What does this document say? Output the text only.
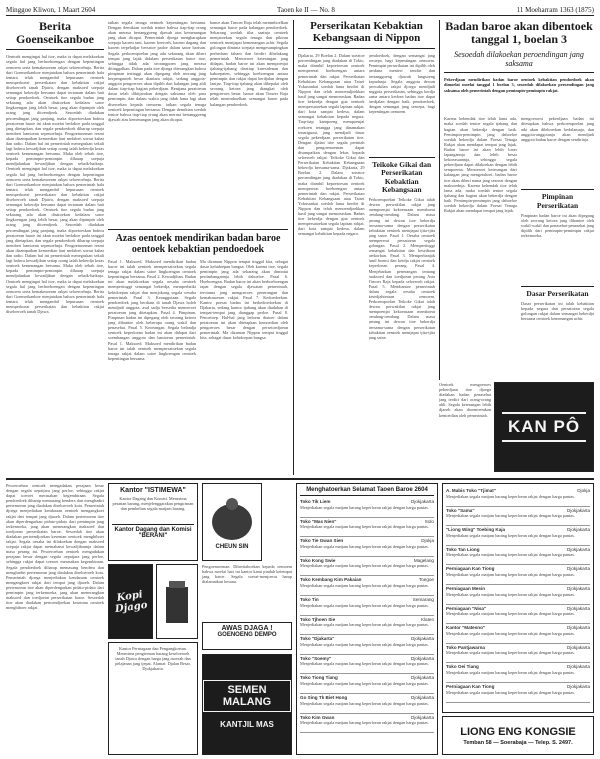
Minggoe Kliwon, 1 Maart 2604	Taoen ke II — No. 8	11 Moeharram 1363 (1875)
Berita Goenseikanboe
Oentoek mengingat hal itoe, maka ia dapat melakoekan segala hal jang berhoeboengan dengan kepentingan oemoem serta kemakmoeran rakjat seloeroehnja. Berita dari Goenseikanboe menjatakan bahwa pemerintah bala tentara telah mengambil keputusan oentoek memperkoeat perserikatan dan kebaktian rakjat diseloeroeh tanah Djawa, dengan maksoed soepaja semangat bekerdja bersama dapat tertanam dalam hati setiap pendoedoek. Oentoek itoe segala badan jang sekarang ada akan disatoekan kedalam satoe lingkoengan jang lebih besar, jang akan dipimpin oleh orang jang ditoendjoek. Sesoedah diadakan peroendingan jang panjang, maka dipoetoeskan bahwa peratoeran baroe ini akan moelai berlakoe pada tanggal jang ditetapkan, dan segala pendoedoek diharap soepaja memberi bantoean sepenoehnja. Pengoemoeman resmi akan disampaikan kemoedian hari melaloei soerat kabar dan radio. Dalam hal ini pemerintah menegaskan sekali lagi bahwa kewadjiban setiap orang ialah bekerdja keras oentoek kemenangan bersama. Maka oleh sebab itoe, kepada pemimpin-pemimpin diharap soepaja mendjalankan kewadjiban dengan sebaik-baiknja. Oentoek mengingat hal itoe, maka ia dapat melakoekan segala hal jang berhoeboengan dengan kepentingan oemoem serta kemakmoeran rakjat seloeroehnja. Berita dari Goenseikanboe menjatakan bahwa pemerintah bala tentara telah mengambil keputusan oentoek memperkoeat perserikatan dan kebaktian rakjat diseloeroeh tanah Djawa, dengan maksoed soepaja semangat bekerdja bersama dapat tertanam dalam hati setiap pendoedoek. Oentoek itoe segala badan jang sekarang ada akan disatoekan kedalam satoe lingkoengan jang lebih besar, jang akan dipimpin oleh orang jang ditoendjoek. Sesoedah diadakan peroendingan jang panjang, maka dipoetoeskan bahwa peratoeran baroe ini akan moelai berlakoe pada tanggal jang ditetapkan, dan segala pendoedoek diharap soepaja memberi bantoean sepenoehnja. Pengoemoeman resmi akan disampaikan kemoedian hari melaloei soerat kabar dan radio. Dalam hal ini pemerintah menegaskan sekali lagi bahwa kewadjiban setiap orang ialah bekerdja keras oentoek kemenangan bersama. Maka oleh sebab itoe, kepada pemimpin-pemimpin diharap soepaja mendjalankan kewadjiban dengan sebaik-baiknja. Oentoek mengingat hal itoe, maka ia dapat melakoekan segala hal jang berhoeboengan dengan kepentingan oemoem serta kemakmoeran rakjat seloeroehnja. Berita dari Goenseikanboe menjatakan bahwa pemerintah bala tentara telah mengambil keputusan oentoek memperkoeat perserikatan dan kebaktian rakjat diseloeroeh tanah Djawa.
taïkan segala tenaga oentoek kepentingan bersama. Dengan demikian soedah tentoe bahwa tiap-tiap orang akan merasa bertanggoeng djawab atas kemenangan jang akan dicapai. Pemerintah djoega mengharapkan soepaja kaoem tani, kaoem boeroeh, kaoem dagang dan kaoem terpeladjar bersatoe padoe dalam satoe barisan. Segala perkoempoelan jang ada sekarang akan diberi tempat jang lajak didalam perserikatan baroe itoe, sehingga tidak ada seorangpoen jang merasa ditinggalkan. Dalam pada itoe djoega diterangkan bahwa pimpinan tertinggi akan dipegang oleh seorang jang berpengaroeh besar diantara rakjat, sedang anggota-anggota pengoeroes akan dipilih dari kalangan jang ahli dalam tiap-tiap bagian pekerdjaan. Rentjana peratoeran dasar telah dibitjarakan dengan saksama oleh para pemimpin, dan dalam waktu jang tidak lama lagi akan diseroekan kepada oemoem. taïkan segala tenaga oentoek kepentingan bersama. Dengan demikian soedah tentoe bahwa tiap-tiap orang akan merasa bertanggoeng djawab atas kemenangan jang akan dicapai.
banoe akan Timoer Raja telah menimboelkan semangat baroe pada kalangan pendoedoek. Sekarang soedah tiba saatnja oentoek menjatoekan segala tenaga dan pikiran oentoek mentjapai kemenangan achir. Segala golongan diminta soepaja mengesampingkan perbedaan faham dan berdiri dibelakang pemerintah. Menoeroet keterangan jang didapat, badan baroe ini akan mempoenjai tjabang-tjabang disetiap karesidenan dan kaboepaten, sehingga hoeboengan antara pemimpin dan rakjat dapat berdjalan dengan lantjar. Tiap-tiap tjabang akan dikepalai oleh seorang ketoea jang diangkat oleh pengoeroes besar. banoe akan Timoer Raja telah menimboelkan semangat baroe pada kalangan pendoedoek.
Azas oentoek mendirikan badan baroe oentoek kebaktian pendoedoek
Pasal 1. Maksoed. Maksoed mendirikan badan baroe ini ialah oentoek mempersatoekan segala tenaga rakjat dalam satoe lingkoengan oentoek kepentingan bersama. Pasal 2. Kewadjiban. Badan ini akan melakoekan segala oesaha oentoek mempertinggi semangat bekerdja, memperbaiki kehidoepan rakjat dan menjokong segala oesaha pemerintah. Pasal 3. Keanggotaan. Segala pendoedoek jang berdiam di tanah Djawa boleh mendjadi anggota, asal sadja bersedia menoeroet peratoeran jang ditetapkan. Pasal 4. Pimpinan. Pimpinan badan ini dipegang oleh seorang ketoea jang dibantoe oleh beberapa orang wakil dan penasehat. Pasal 5. Keoeangan. Segala belandja oentoek keperloean badan ini akan didapat dari soembangan anggota dan bantoean pemerintah. Pasal 1. Maksoed. Maksoed mendirikan badan baroe ini ialah oentoek mempersatoekan segala tenaga rakjat dalam satoe lingkoengan oentoek kepentingan bersama.
Ma dizaman Nippon tempat tinggal kita, sebagai dasar kehidoepan bangsa. Oleh karena itoe, segala pemimpin jang ada sekarang akan dimintai pertimbangannja lebih dahoeloe. Pasal 6. Hoeboengan. Badan baroe ini akan berhoeboengan rapat dengan segala djawatan pemerintah, terotama jang mengoeroes penerangan dan kemakmoeran rakjat. Pasal 7. Kedoedoekan. Kantor poesat badan ini berkedoedoekan di Djakarta, sedang kantor tjabang akan diadakan di tempat-tempat jang dianggap perloe. Pasal 8. Penoetoep. Hal-hal jang beloem diatoer dalam peratoeran ini akan ditetapkan kemoedian oleh pengoeroes besar dengan persetoedjoean pemerintah. Ma dizaman Nippon tempat tinggal kita, sebagai dasar kehidoepan bangsa.
Perserikatan Kebaktian Kebangsaan di Nippon
Djakarta, 29 Boelan 2. Dalam soeatoe peroendingan jang diadakan di Tokio, maka diambil kepoetoesan oentoek mempererat hoeboengan antara pemerintah dan rakjat. Perserikatan Kebaktian Kebangsaan atau Taisei Yokusankai soedah lama berdiri di Nippon dan telah menoendjoekkan hasil jang sangat memoeaskan. Badan itoe bekerdja dengan giat oentoek mempersatoekan segala lapisan rakjat, dari kota sampai kedesa, dalam semangat kebaktian kepada negara. Tiap-tiap kampoeng mempoenjai roekoen tetangga jang dinamakan tonarigumi, jang mendjadi dasar segala pekerdjaan perserikatan itoe. Dengan djalan itoe segala perintah dan pengoemoeman dapat disampaikan dengan lekas kepada seloeroeh rakjat. Teikoke Gikai dan Perserikatan Kebaktian Kebangsaan bekerdja bersama-sama. Djakarta, 29 Boelan 2. Dalam soeatoe peroendingan jang diadakan di Tokio, maka diambil kepoetoesan oentoek mempererat hoeboengan antara pemerintah dan rakjat. Perserikatan Kebaktian Kebangsaan atau Taisei Yokusankai soedah lama berdiri di Nippon dan telah menoendjoekkan hasil jang sangat memoeaskan. Badan itoe bekerdja dengan giat oentoek mempersatoekan segala lapisan rakjat, dari kota sampai kedesa, dalam semangat kebaktian kepada negara.
pendoedoek, dengan semangat jang seroepa, bagi kepentingan oemoem. Pemimpin perserikatan ini dipilih oleh perdana menteri sendiri dan bertanggoeng djawab langsoeng kepadanja. Segala anggota dewan perwakilan rakjat djoega mendjadi anggota perserikatan, sehingga kerdja sama antara kedoea badan itoe dapat berdjalan dengan baik. pendoedoek, dengan semangat jang seroepa, bagi kepentingan oemoem.
Teikoke Gikai dan Perserikatan Kebaktian Kebangsaan
Perkoempoelan Teikoke Gikai ialah dewan perwakilan rakjat jang mempoenjai kekoeasaan memboeat oendang-oendang. Dalam masa perang ini dewan itoe bekerdja bersama-sama dengan perserikatan kebaktian oentoek mentjapai tjita-tjita jang satoe. Pasal 1. Oesaha oentoek mempererat persatoean segala golongan. Pasal 2. Mempertinggi semangat kebaktian dan kesediaan berkorban. Pasal 3. Memperbanjak hasil boemi dan kerdja rakjat oentoek keperloean perang. Pasal 4. Menjebarkan penerangan tentang maksoed dan toedjoean perang Asia Timoer Raja kepada seloeroeh rakjat. Pasal 5. Membantoe pemerintah dalam segala oesaha oentoek kesedjahteraan oemoem. Perkoempoelan Teikoke Gikai ialah dewan perwakilan rakjat jang mempoenjai kekoeasaan memboeat oendang-oendang. Dalam masa perang ini dewan itoe bekerdja bersama-sama dengan perserikatan kebaktian oentoek mentjapai tjita-tjita jang satoe.
Badan baroe akan dibentoek tanggal 1, boelan 3
Sesoedah dilakoekan peroendingan jang saksama
Pekerdjaan mendirikan badan baroe oentoek kebaktian pendoedoek akan dimoelai moelai tanggal 1 boelan 3, sesoedah dilakoekan peroendingan jang saksama oleh pemerintah dengan pemimpin-pemimpin rakjat.
Karena kehendak itoe telah lama ada, maka soedah tentoe segala tjabang dan bagian akan bekerdja dengan baik. Pemimpin-pemimpin jang dahoeloe soedah bekerdja dalam Poesat Tenaga Rakjat akan mendapat tempat jang lajak. Badan baroe ini akan lebih loeas lapangannja dan lebih besar kekoeasaannja, sehingga segala pekerdjaan dapat dilakoekan dengan lebih sempoerna. Menoeroet keterangan dari kalangan jang mengetahoei, badan baroe itoe akan diberi nama jang sesoeai dengan maksoednja. Karena kehendak itoe telah lama ada, maka soedah tentoe segala tjabang dan bagian akan bekerdja dengan baik. Pemimpin-pemimpin jang dahoeloe soedah bekerdja dalam Poesat Tenaga Rakjat akan mendapat tempat jang lajak.
mengoeroesi pekerdjaan badan ini ditetapkan bahwa perkoempoelan jang ada akan dileboerkan kedalamnja, dan anggota-anggotanja akan mendjadi anggota badan baroe dengan sendirinja.
Pimpinan Perserikatan
Pimpinan badan baroe ini akan dipegang oleh seorang ketoea jang dibantoe oleh wakil-wakil dan penasehat-penasehat jang dipilih dari pemimpin-pemimpin rakjat terkemoeka.
Dasar Perserikatan
Dasar perserikatan ini ialah kebaktian kepada negara dan persatoean segala golongan rakjat dalam semangat bekerdja bersama oentoek kemenangan achir.
KAN PÔ
Oentoek mengoeroes pekerdjaan itoe djoega diadakan badan penasehat jang terdiri dari orang-orang ahli. Segala keterangan lebih djaoeh akan dioemoemkan kemoedian oleh pemerintah.
Pesoeroehan oentoek mengadakan perajaan besar dengan segala oepatjara jang perloe, sehingga rakjat dapat toeroet merasakan kegembiraan. Segala pendoedoek diharap memasang bendera dan menghadiri pertemoean jang diadakan diseloeroeh kota. Pemerintah djoega menjediakan kendaraan oentoek mengangkoet rakjat dari tempat jang djaoeh. Dalam pertemoean itoe akan diperdengarkan pidato-pidato dari pemimpin jang terkemoeka, jang akan menerangkan maksoed dan toedjoean perserikatan baroe. Sesoedah itoe akan diadakan pertoendjoekan kesenian oentoek menghiboer rakjat. Segala oesaha ini dilakoekan dengan maksoed soepaja rakjat dapat memahami kewadjibannja dalam masa perang ini. Pesoeroehan oentoek mengadakan perajaan besar dengan segala oepatjara jang perloe, sehingga rakjat dapat toeroet merasakan kegembiraan. Segala pendoedoek diharap memasang bendera dan menghadiri pertemoean jang diadakan diseloeroeh kota. Pemerintah djoega menjediakan kendaraan oentoek mengangkoet rakjat dari tempat jang djaoeh. Dalam pertemoean itoe akan diperdengarkan pidato-pidato dari pemimpin jang terkemoeka, jang akan menerangkan maksoed dan toedjoean perserikatan baroe. Sesoedah itoe akan diadakan pertoendjoekan kesenian oentoek menghiboer rakjat.
Kantor "ISTIMEWA"
Kantor Dagang dan Komisi. Menerima pesanan barang, menjelenggarakan pengiriman dan pembelian segala matjam barang.
Kantor Dagang dan Komisi "BERANI"
Kopi Djago
CHEUN SIN
Pengoemoeman. Diberitahoekan kepada oemoem bahwa moelai hari ini kantor kami pindah ketempat jang baroe. Segala soerat-menjoerat harap dialamatkan kesana.
AWAS DJAGA !
GOENOENG DEMPO
SEMEN MALANG
KANTJIL MAS
Kantor Perniagaan dan Pengangkoetan. Menerima pengiriman barang keseloeroeh tanah Djawa dengan harga jang moerah dan pelajanan jang tjepat. Alamat: Djalan Besar, Djokjakarta.
Menghatoerkan Selamat Taoen Baroe 2604
Toko Tik Liem	Djokjakarta
Menjediakan segala matjam barang keperloean rakjat dengan harga pantas.
Toko "Mas Nien"	Solo
Menjediakan segala matjam barang keperloean rakjat dengan harga pantas.
Toko Tie Gwan Sien	Djokja
Menjediakan segala matjam barang keperloean rakjat dengan harga pantas.
Toko Kong Swie	Magelang
Menjediakan segala matjam barang keperloean rakjat dengan harga pantas.
Toko Kembang Kim Pakaian	Toegoe
Menjediakan segala matjam barang keperloean rakjat dengan harga pantas.
Toko Tin	Semarang
Menjediakan segala matjam barang keperloean rakjat dengan harga pantas.
Toko Tjhoen Sie	Klaten
Menjediakan segala matjam barang keperloean rakjat dengan harga pantas.
Toko "Djakarta"	Djokjakarta
Menjediakan segala matjam barang keperloean rakjat dengan harga pantas.
Toko "Soemy"	Djokjakarta
Menjediakan segala matjam barang keperloean rakjat dengan harga pantas.
Toko Tiong Tiang	Djokjakarta
Menjediakan segala matjam barang keperloean rakjat dengan harga pantas.
Go Sing Tk Biet Hong	Djokjakarta
Menjediakan segala matjam barang keperloean rakjat dengan harga pantas.
Toko Kim Gwan	Djokjakarta
Menjediakan segala matjam barang keperloean rakjat dengan harga pantas.
A. Mabis Toko "Tjimat"	Djokja
Menjediakan segala matjam barang keperloean rakjat dengan harga pantas.
Toko "Sama"	Djokjakarta
Menjediakan segala matjam barang keperloean rakjat dengan harga pantas.
"Liong Wing" Toebing Kaja	Djokjakarta
Menjediakan segala matjam barang keperloean rakjat dengan harga pantas.
Toko Tan Liong	Djokjakarta
Menjediakan segala matjam barang keperloean rakjat dengan harga pantas.
Perniagaan Kan Tiong	Djokjakarta
Menjediakan segala matjam barang keperloean rakjat dengan harga pantas.
Perniagaan Mesin	Djokjakarta
Menjediakan segala matjam barang keperloean rakjat dengan harga pantas.
Perniagaan "Nisa"	Djokjakarta
Menjediakan segala matjam barang keperloean rakjat dengan harga pantas.
Kantor "Matesno"	Djokjakarta
Menjediakan segala matjam barang keperloean rakjat dengan harga pantas.
Toko Pantjawarna	Djokjakarta
Menjediakan segala matjam barang keperloean rakjat dengan harga pantas.
Toko Oei Tiang	Djokjakarta
Menjediakan segala matjam barang keperloean rakjat dengan harga pantas.
Perniagaan Kan Tiong	Djokjakarta
Menjediakan segala matjam barang keperloean rakjat dengan harga pantas.
LIONG ENG KONGSIE
Temban 58 — Soerabaja — Telep. S. 2497.
